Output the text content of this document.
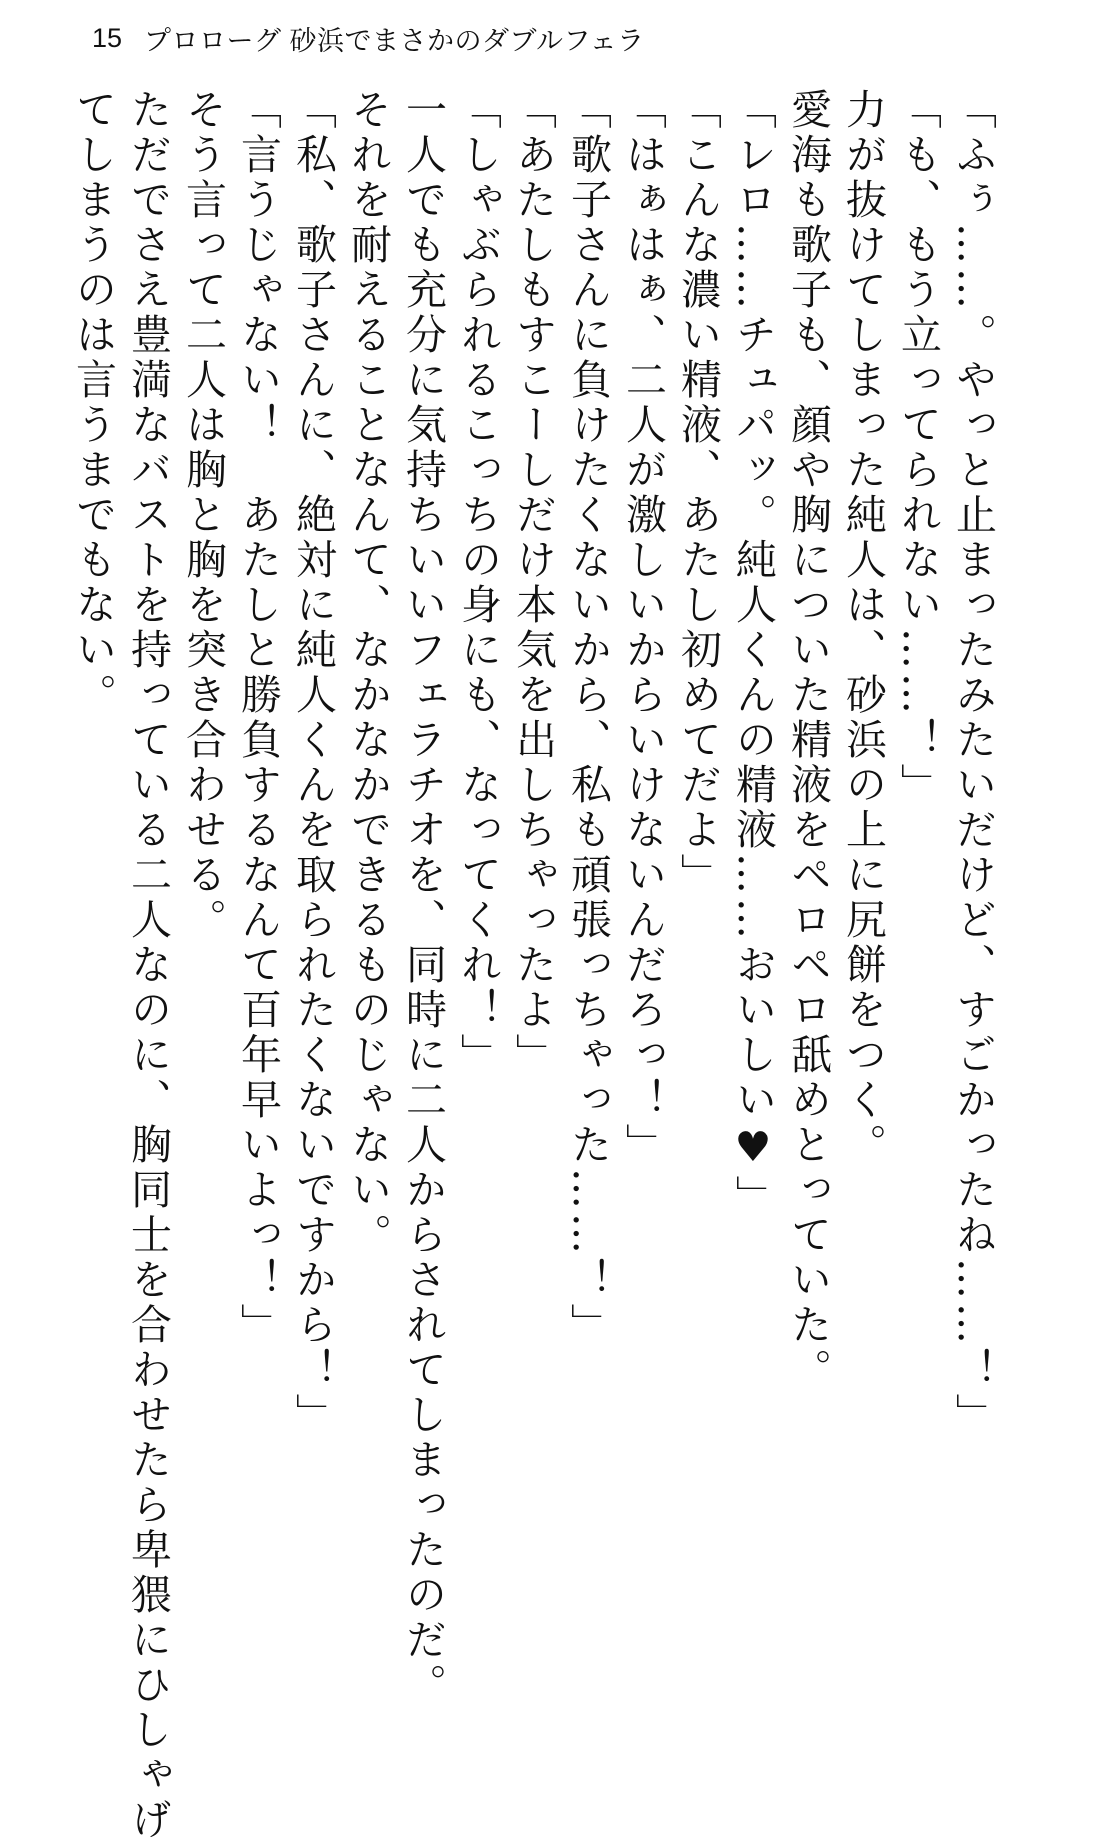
15 プロローグ 砂浜でまさかのダブルフェラ
「ふぅ……。やっと止まったみたいだけど、すごかったね……！」
「も、もう立ってられない……！」
力が抜けてしまった純人は、砂浜の上に尻餅をつく。
愛海も歌子も、顔や胸についた精液をペロペロ舐めとっていた。
「レロ……チュパッ。純人くんの精液……おいしい♥」
「こんな濃い精液、あたし初めてだよ」
「はぁはぁ、二人が激しいからいけないんだろっ！」
「歌子さんに負けたくないから、私も頑張っちゃった……！」
「あたしもすこーしだけ本気を出しちゃったよ」
「しゃぶられるこっちの身にも、なってくれ！」
一人でも充分に気持ちいいフェラチオを、同時に二人からされてしまったのだ。
それを耐えることなんて、なかなかできるものじゃない。
「私、歌子さんに、絶対に純人くんを取られたくないですから！」
「言うじゃない！　あたしと勝負するなんて百年早いよっ！」
そう言って二人は胸と胸を突き合わせる。
ただでさえ豊満なバストを持っている二人なのに、胸同士を合わせたら卑猥にひしゃげ
てしまうのは言うまでもない。
